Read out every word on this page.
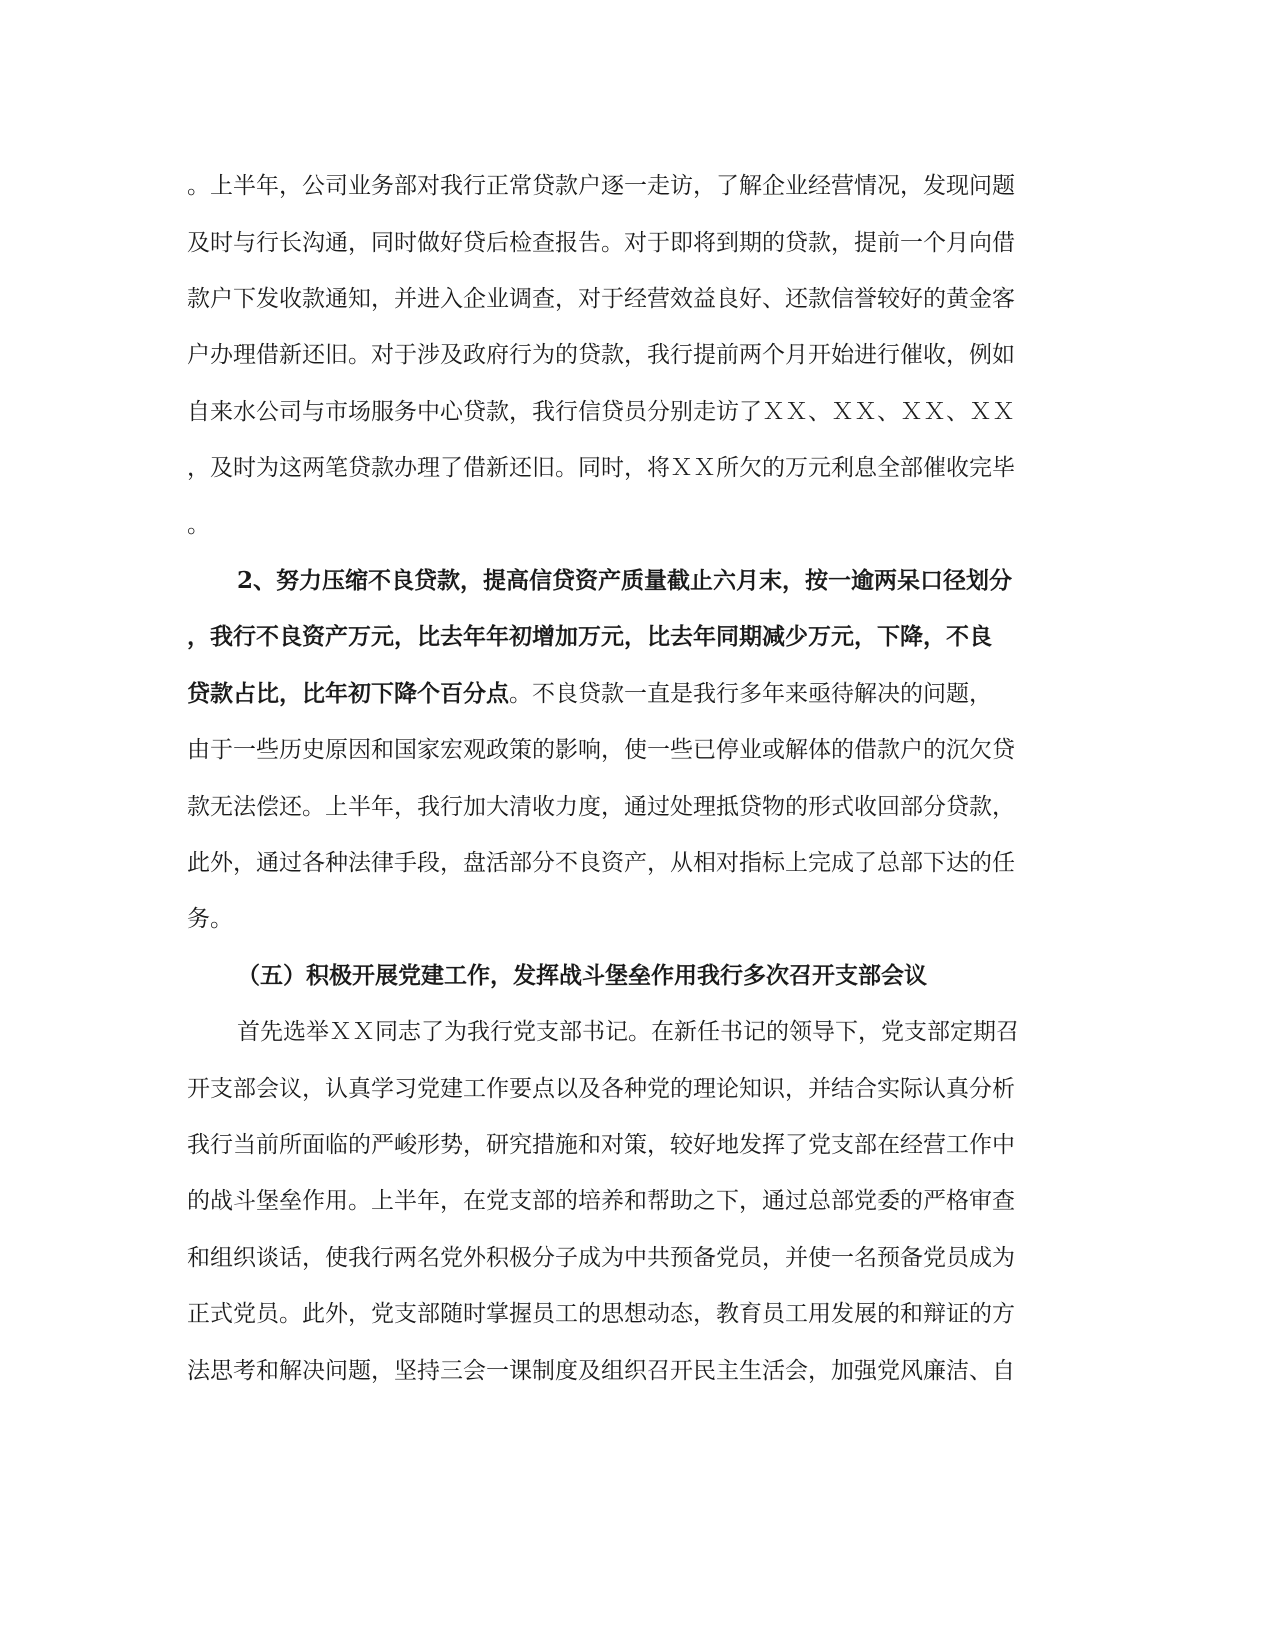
。上半年，公司业务部对我行正常贷款户逐一走访，了解企业经营情况，发现问题
及时与行长沟通，同时做好贷后检查报告。对于即将到期的贷款，提前一个月向借
款户下发收款通知，并进入企业调查，对于经营效益良好、还款信誉较好的黄金客
户办理借新还旧。对于涉及政府行为的贷款，我行提前两个月开始进行催收，例如
自来水公司与市场服务中心贷款，我行信贷员分别走访了ＸＸ、ＸＸ、ＸＸ、ＸＸ
，及时为这两笔贷款办理了借新还旧。同时，将ＸＸ所欠的万元利息全部催收完毕
。
2、努力压缩不良贷款，提高信贷资产质量截止六月末，按一逾两呆口径划分
，我行不良资产万元，比去年年初增加万元，比去年同期减少万元，下降，不良
贷款占比，比年初下降个百分点。不良贷款一直是我行多年来亟待解决的问题，
由于一些历史原因和国家宏观政策的影响，使一些已停业或解体的借款户的沉欠贷
款无法偿还。上半年，我行加大清收力度，通过处理抵贷物的形式收回部分贷款，
此外，通过各种法律手段，盘活部分不良资产，从相对指标上完成了总部下达的任
务。
（五）积极开展党建工作，发挥战斗堡垒作用我行多次召开支部会议
首先选举ＸＸ同志了为我行党支部书记。在新任书记的领导下，党支部定期召
开支部会议，认真学习党建工作要点以及各种党的理论知识，并结合实际认真分析
我行当前所面临的严峻形势，研究措施和对策，较好地发挥了党支部在经营工作中
的战斗堡垒作用。上半年，在党支部的培养和帮助之下，通过总部党委的严格审查
和组织谈话，使我行两名党外积极分子成为中共预备党员，并使一名预备党员成为
正式党员。此外，党支部随时掌握员工的思想动态，教育员工用发展的和辩证的方
法思考和解决问题，坚持三会一课制度及组织召开民主生活会，加强党风廉洁、自
